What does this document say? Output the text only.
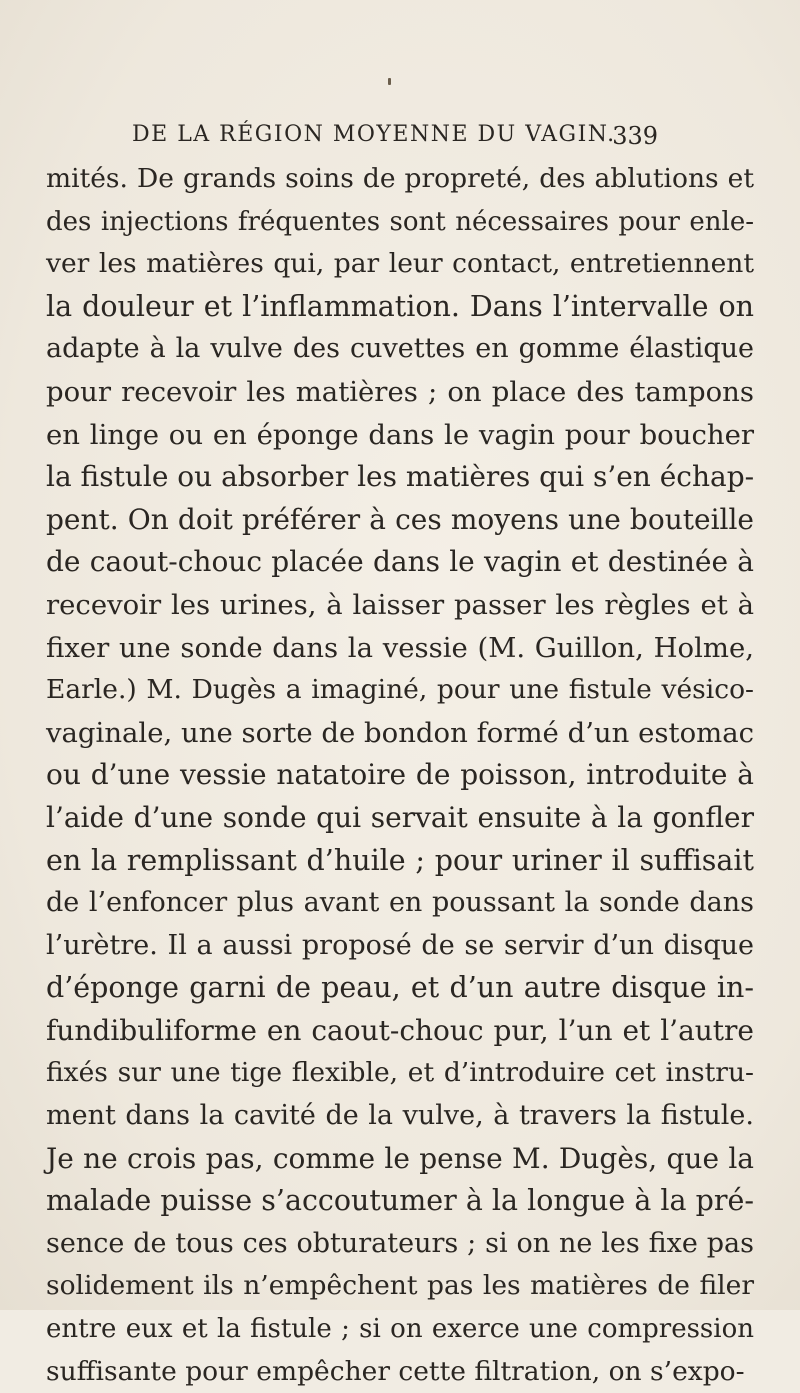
DE LA RÉGION MOYENNE DU VAGIN.
339
mités. De grands soins de propreté, des ablutions et
des injections fréquentes sont nécessaires pour enle-
ver les matières qui, par leur contact, entretiennent
la douleur et l’inflammation. Dans l’intervalle on
adapte à la vulve des cuvettes en gomme élastique
pour recevoir les matières ; on place des tampons
en linge ou en éponge dans le vagin pour boucher
la fistule ou absorber les matières qui s’en échap-
pent. On doit préférer à ces moyens une bouteille
de caout-chouc placée dans le vagin et destinée à
recevoir les urines, à laisser passer les règles et à
fixer une sonde dans la vessie (M. Guillon, Holme,
Earle.) M. Dugès a imaginé, pour une fistule vésico-
vaginale, une sorte de bondon formé d’un estomac
ou d’une vessie natatoire de poisson, introduite à
l’aide d’une sonde qui servait ensuite à la gonfler
en la remplissant d’huile ; pour uriner il suffisait
de l’enfoncer plus avant en poussant la sonde dans
l’urètre. Il a aussi proposé de se servir d’un disque
d’éponge garni de peau, et d’un autre disque in-
fundibuliforme en caout-chouc pur, l’un et l’autre
fixés sur une tige flexible, et d’introduire cet instru-
ment dans la cavité de la vulve, à travers la fistule.
Je ne crois pas, comme le pense M. Dugès, que la
malade puisse s’accoutumer à la longue à la pré-
sence de tous ces obturateurs ; si on ne les fixe pas
solidement ils n’empêchent pas les matières de filer
entre eux et la fistule ; si on exerce une compression
suffisante pour empêcher cette filtration, on s’expo-
